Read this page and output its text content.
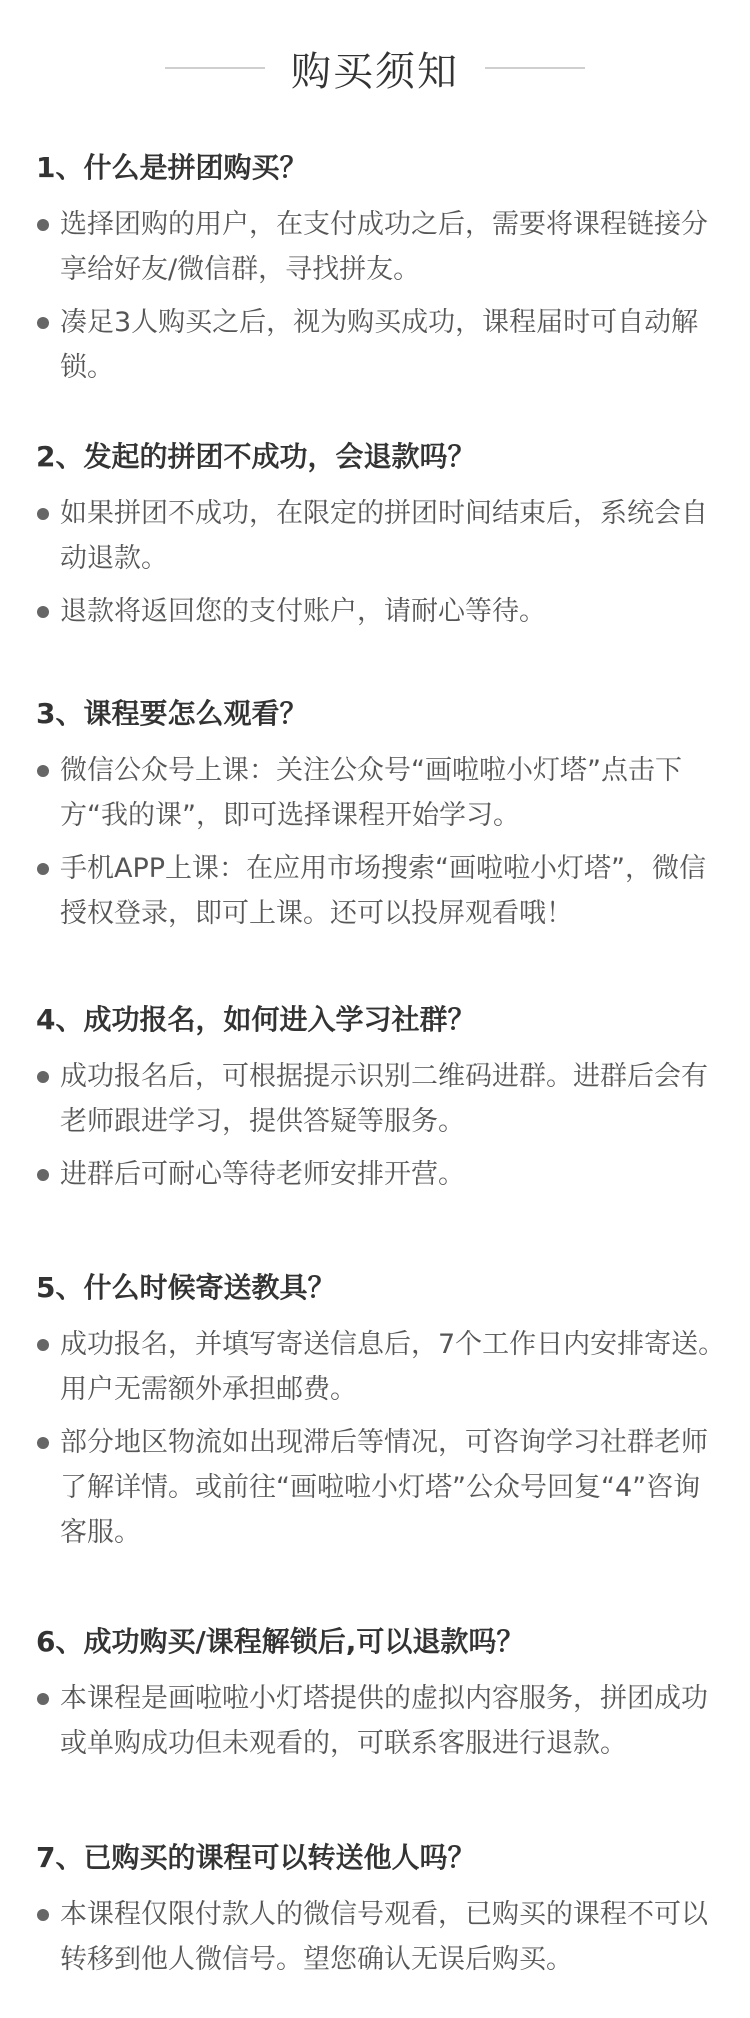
购买须知
1、什么是拼团购买？
选择团购的用户，在支付成功之后，需要将课程链接分享给好友/微信群，寻找拼友。
凑足3人购买之后，视为购买成功，课程届时可自动解锁。
2、发起的拼团不成功，会退款吗？
如果拼团不成功，在限定的拼团时间结束后，系统会自动退款。
退款将返回您的支付账户，请耐心等待。
3、课程要怎么观看？
微信公众号上课：关注公众号“画啦啦小灯塔”点击下方“我的课”，即可选择课程开始学习。
手机APP上课：在应用市场搜索“画啦啦小灯塔”，微信授权登录，即可上课。还可以投屏观看哦！
4、成功报名，如何进入学习社群？
成功报名后，可根据提示识别二维码进群。进群后会有老师跟进学习，提供答疑等服务。
进群后可耐心等待老师安排开营。
5、什么时候寄送教具？
成功报名，并填写寄送信息后，7个工作日内安排寄送。用户无需额外承担邮费。
部分地区物流如出现滞后等情况，可咨询学习社群老师了解详情。或前往“画啦啦小灯塔”公众号回复“4”咨询客服。
6、成功购买/课程解锁后,可以退款吗？
本课程是画啦啦小灯塔提供的虚拟内容服务，拼团成功或单购成功但未观看的，可联系客服进行退款。
7、已购买的课程可以转送他人吗？
本课程仅限付款人的微信号观看，已购买的课程不可以转移到他人微信号。望您确认无误后购买。
